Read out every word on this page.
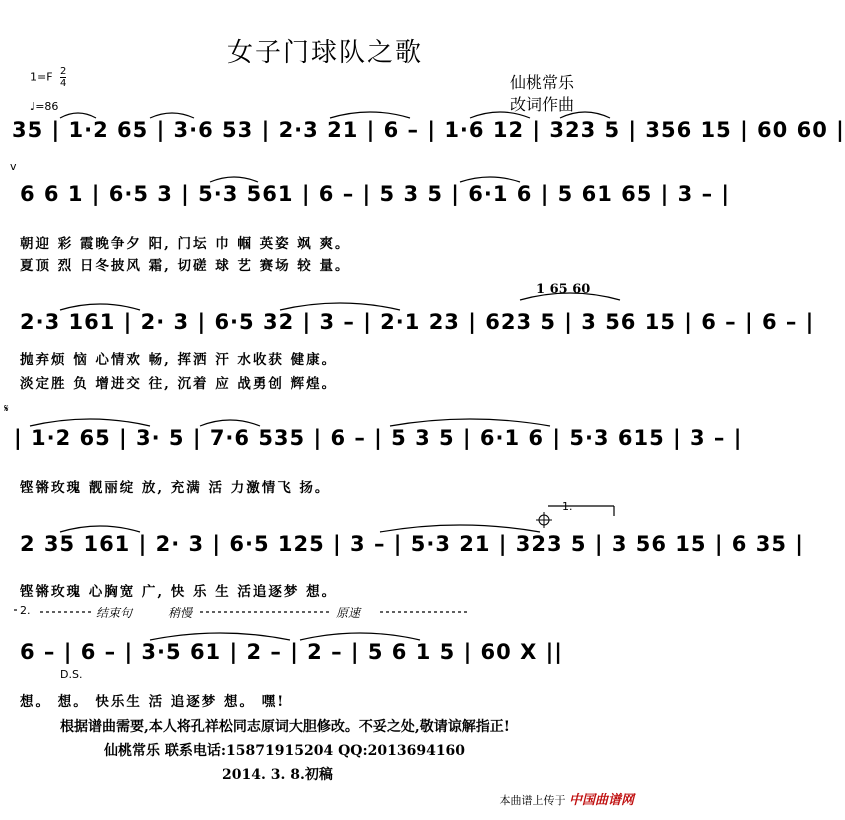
女子门球队之歌
仙桃常乐
改词作曲
$1=F \frac{2}{4}$
♩=86
35 | 1·2 65 | 3·6 53 | 2·3 21 | 6 – | 1·6 12 | 323 5 | 356 15 | 60 60 |
v
6 6 1 | 6·5 3 | 5·3 561 | 6 – | 5 3 5 | 6·1 6 | 5 61 65 | 3 – |
朝迎 彩 霞晚争夕 阳, 门坛 巾 帼 英姿 飒 爽。
夏顶 烈 日冬披风 霜, 切磋 球 艺 赛场 较 量。
1 65 60
2·3 161 | 2· 3 | 6·5 32 | 3 – | 2·1 23 | 623 5 | 3 56 15 | 6 – | 6 – |
抛弃烦 恼 心情欢 畅, 挥洒 汗 水收获 健康。
淡定胜 负 增进交 往, 沉着 应 战勇创 辉煌。
𝄋
| 1·2 65 | 3· 5 | 7·6 535 | 6 – | 5 3 5 | 6·1 6 | 5·3 615 | 3 – |
铿锵玫瑰 靓丽绽 放, 充满 活 力激情飞 扬。
1.
2 35 161 | 2· 3 | 6·5 125 | 3 – | 5·3 21 | 323 5 | 3 56 15 | 6 35 |
铿锵玫瑰 心胸宽 广, 快 乐 生 活追逐梦 想。
2.	结束句	稍慢	原速
6 – | 6 – | 3·5 61 | 2 – | 2 – | 5 6 1 5 | 60 X ||
D.S.
想。 想。 快乐生 活 追逐梦 想。 嘿!
根据谱曲需要,本人将孔祥松同志原词大胆修改。不妥之处,敬请谅解指正!
仙桃常乐 联系电话:15871915204 QQ:2013694160
2014. 3. 8.初稿
本曲谱上传于 中国曲谱网
